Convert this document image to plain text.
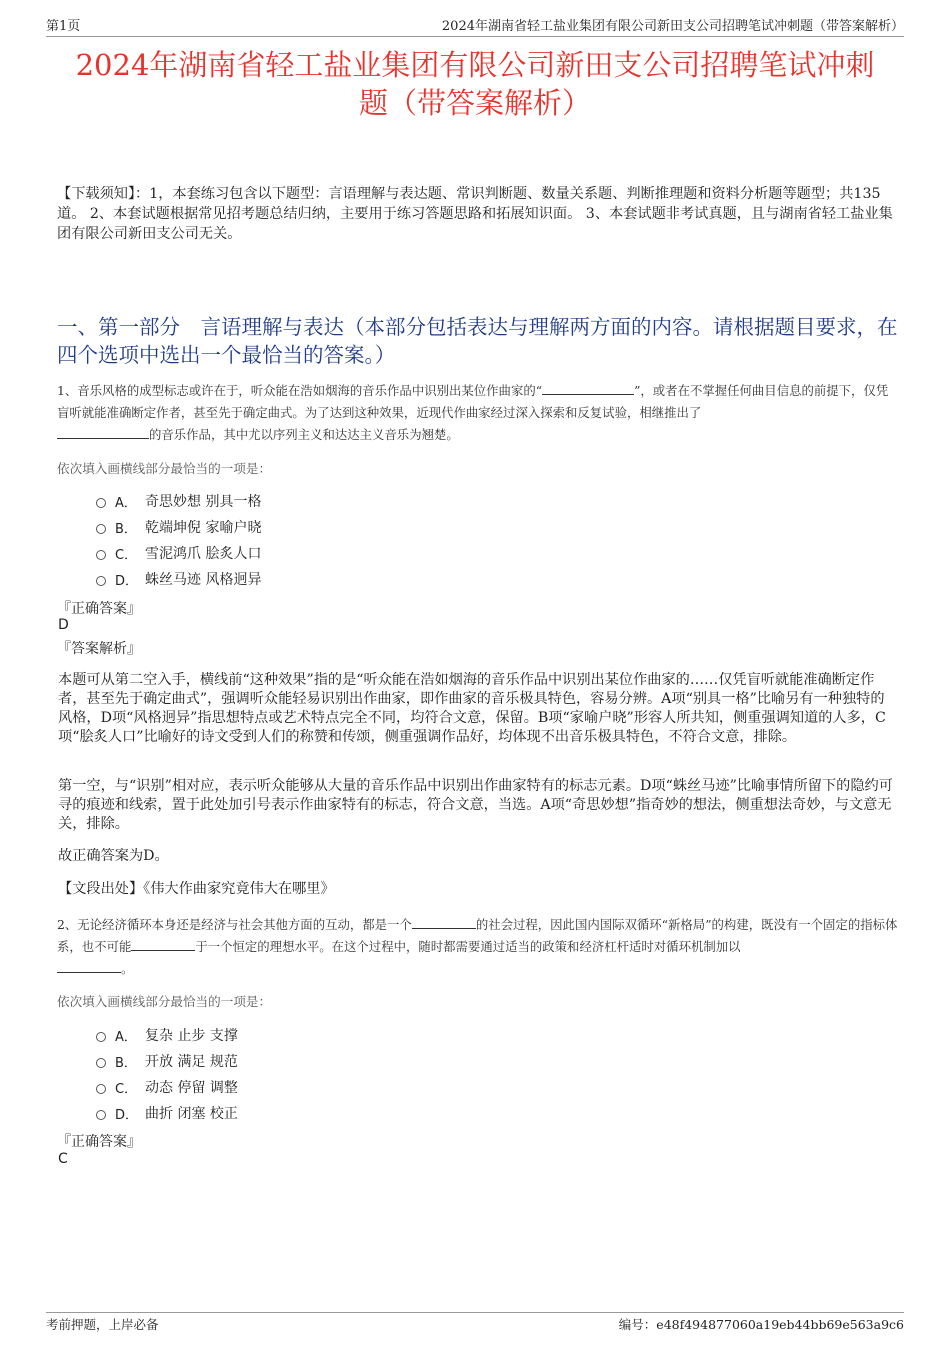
第1页	2024年湖南省轻工盐业集团有限公司新田支公司招聘笔试冲刺题（带答案解析）
2024年湖南省轻工盐业集团有限公司新田支公司招聘笔试冲刺
题（带答案解析）
【下载须知】：1，本套练习包含以下题型：言语理解与表达题、常识判断题、数量关系题、判断推理题和资料分析题等题型；共135道。 2、本套试题根据常见招考题总结归纳，主要用于练习答题思路和拓展知识面。 3、本套试题非考试真题，且与湖南省轻工盐业集团有限公司新田支公司无关。
一、第一部分　言语理解与表达（本部分包括表达与理解两方面的内容。请根据题目要求，在四个选项中选出一个最恰当的答案。）
1、音乐风格的成型标志或许在于，听众能在浩如烟海的音乐作品中识别出某位作曲家的“	”，或者在不掌握任何曲目信息的前提下，仅凭盲听就能准确断定作者，甚至先于确定曲式。为了达到这种效果，近现代作曲家经过深入探索和反复试验，相继推出了
的音乐作品，其中尤以序列主义和达达主义音乐为翘楚。
依次填入画横线部分最恰当的一项是：
A． 奇思妙想 别具一格
B． 乾端坤倪 家喻户晓
C． 雪泥鸿爪 脍炙人口
D． 蛛丝马迹 风格迥异
『正确答案』
D
『答案解析』
本题可从第二空入手，横线前“这种效果”指的是“听众能在浩如烟海的音乐作品中识别出某位作曲家的……仅凭盲听就能准确断定作者，甚至先于确定曲式”，强调听众能轻易识别出作曲家，即作曲家的音乐极具特色，容易分辨。A项“别具一格”比喻另有一种独特的风格，D项“风格迥异”指思想特点或艺术特点完全不同，均符合文意，保留。B项“家喻户晓”形容人所共知，侧重强调知道的人多，C项“脍炙人口”比喻好的诗文受到人们的称赞和传颂，侧重强调作品好，均体现不出音乐极具特色，不符合文意，排除。
第一空，与“识别”相对应，表示听众能够从大量的音乐作品中识别出作曲家特有的标志元素。D项“蛛丝马迹”比喻事情所留下的隐约可寻的痕迹和线索，置于此处加引号表示作曲家特有的标志，符合文意，当选。A项“奇思妙想”指奇妙的想法，侧重想法奇妙，与文意无关，排除。
故正确答案为D。
【文段出处】《伟大作曲家究竟伟大在哪里》
2、无论经济循环本身还是经济与社会其他方面的互动，都是一个	的社会过程，因此国内国际双循环“新格局”的构建，既没有一个固定的指标体系，也不可能	于一个恒定的理想水平。在这个过程中，随时都需要通过适当的政策和经济杠杆适时对循环机制加以
。
依次填入画横线部分最恰当的一项是：
A． 复杂 止步 支撑
B． 开放 满足 规范
C． 动态 停留 调整
D． 曲折 闭塞 校正
『正确答案』
C
考前押题，上岸必备	编号：e48f494877060a19eb44bb69e563a9c6
